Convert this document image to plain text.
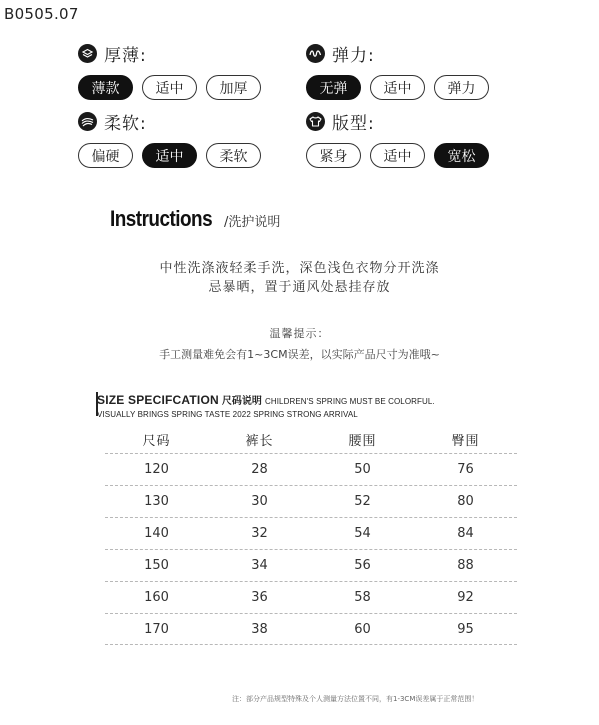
B0505.07
厚薄:
薄款	适中	加厚
弹力:
无弹	适中	弹力
柔软:
偏硬	适中	柔软
版型:
紧身	适中	宽松
Instructions /洗护说明
中性洗涤液轻柔手洗，深色浅色衣物分开洗涤
忌暴晒，置于通风处悬挂存放
温馨提示：
手工测量难免会有1~3CM误差，以实际产品尺寸为准哦~
SIZE SPECIFCATION 尺码说明 CHILDREN'S SPRING MUST BE COLORFUL.
VISUALLY BRINGS SPRING TASTE 2022 SPRING STRONG ARRIVAL
尺码	裤长	腰围	臀围
120	28	50	76
130	30	52	80
140	32	54	84
150	34	56	88
160	36	58	92
170	38	60	95
注：部分产品规型特殊及个人测量方法位置不同，有1-3CM误差属于正常范围！
